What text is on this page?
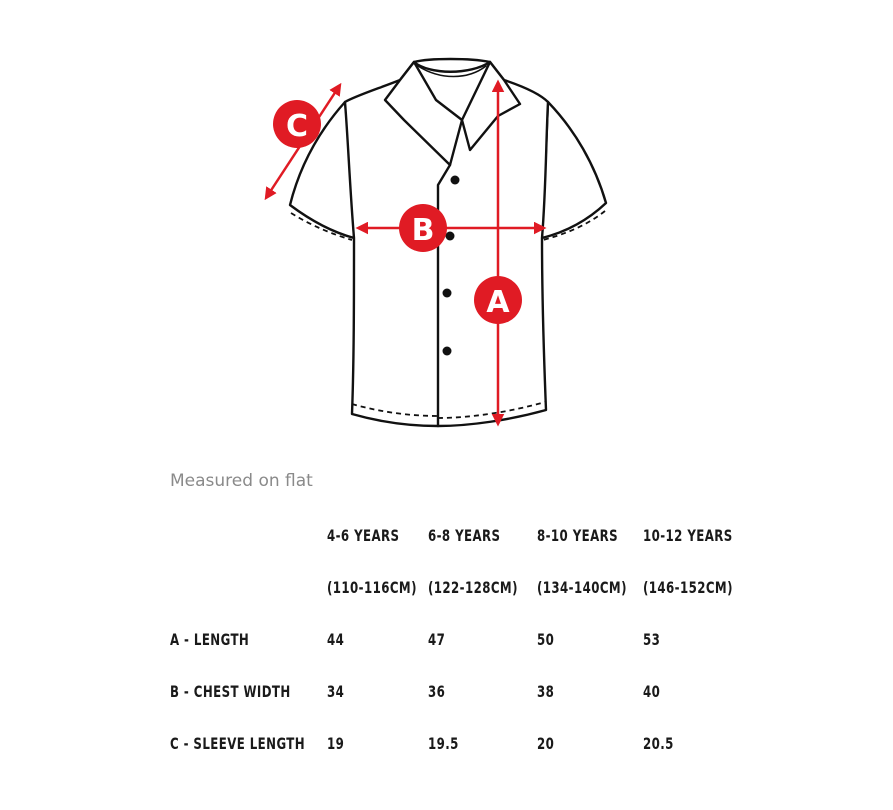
A
B
C
Measured on flat
4-6 YEARS 6-8 YEARS 8-10 YEARS 10-12 YEARS
(110-116CM) (122-128CM) (134-140CM) (146-152CM)
A - LENGTH	44	47	50	53
B - CHEST WIDTH 34	36	38	40
C - SLEEVE LENGTH 19	19.5	20	20.5
